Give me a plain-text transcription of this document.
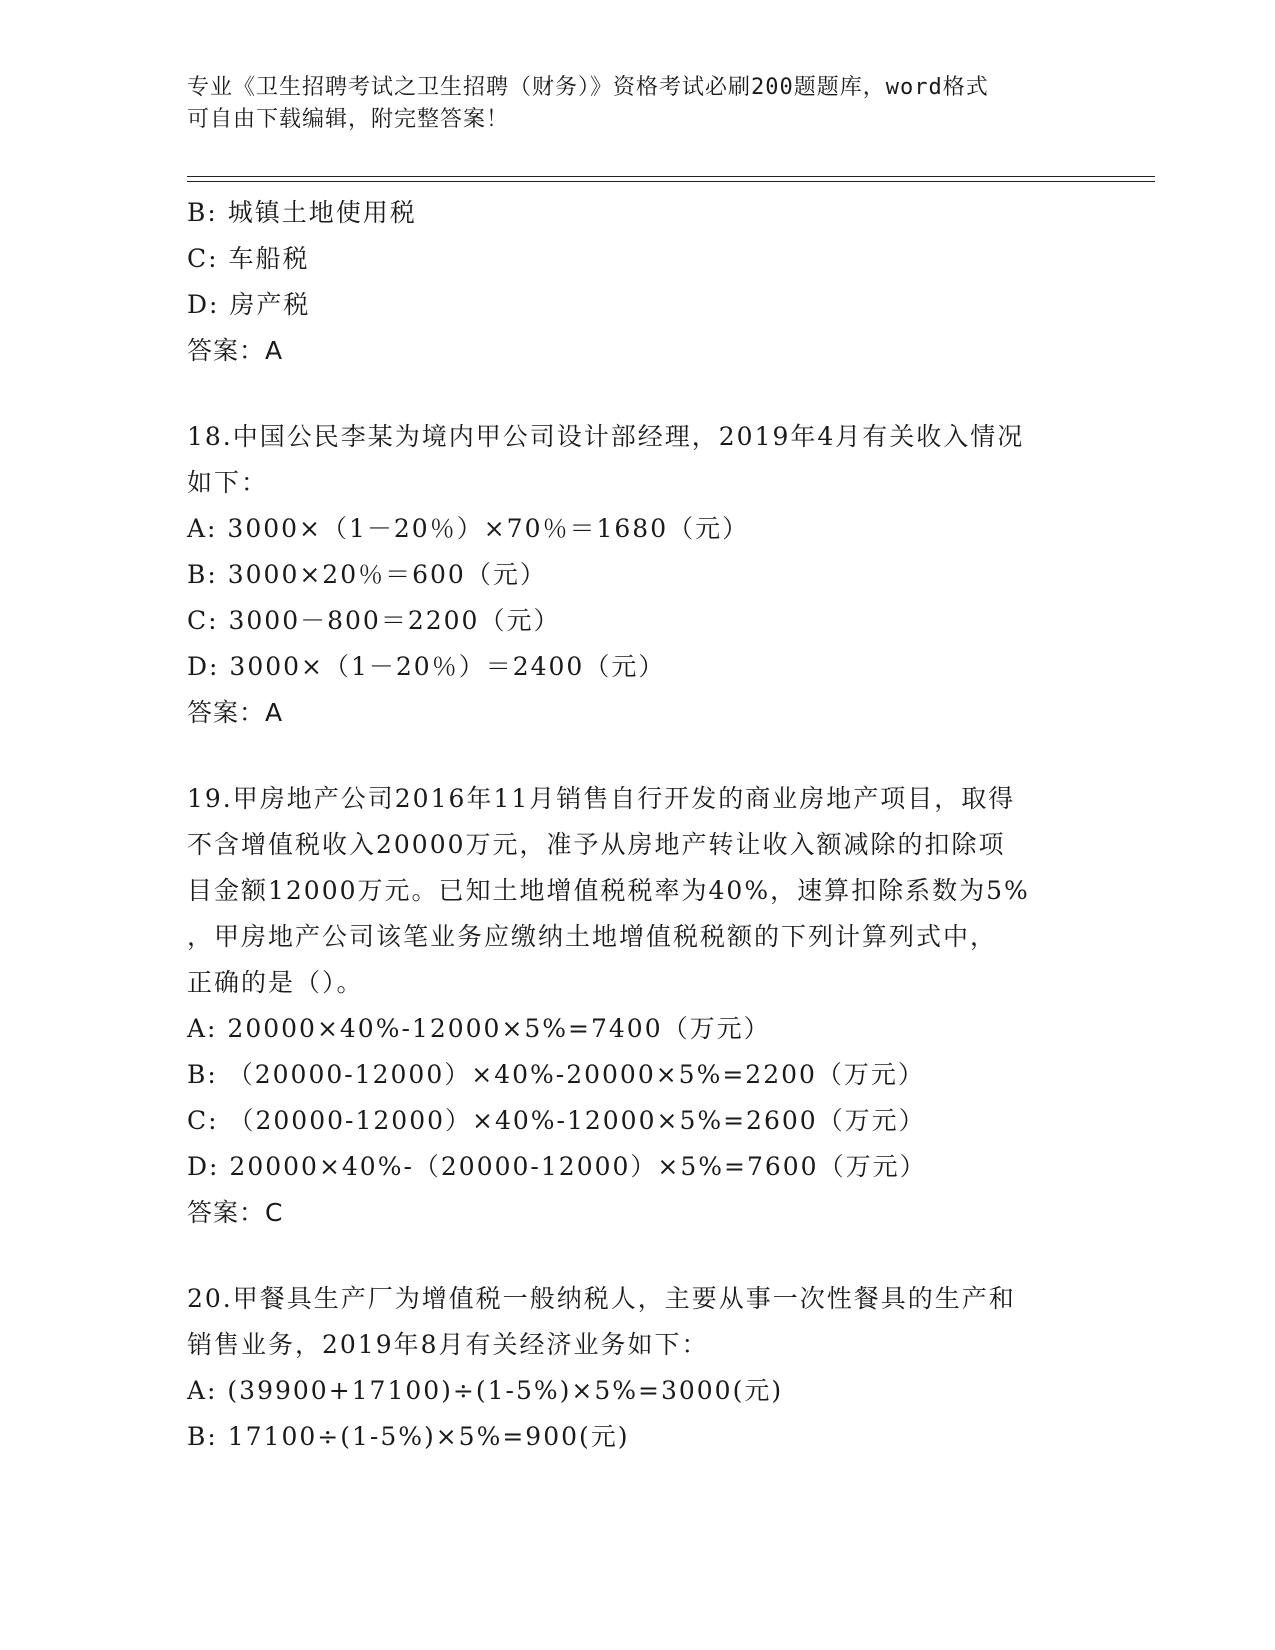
专业《卫生招聘考试之卫生招聘（财务）》资格考试必刷200题题库，word格式
可自由下载编辑，附完整答案！
B: 城镇土地使用税
C: 车船税
D: 房产税
答案：A
18.中国公民李某为境内甲公司设计部经理，2019年4月有关收入情况
如下：
A: 3000×（1－20％）×70％＝1680（元）
B: 3000×20％＝600（元）
C: 3000－800＝2200（元）
D: 3000×（1－20％）＝2400（元）
答案：A
19.甲房地产公司2016年11月销售自行开发的商业房地产项目，取得
不含增值税收入20000万元，准予从房地产转让收入额减除的扣除项
目金额12000万元。已知土地增值税税率为40%，速算扣除系数为5%
，甲房地产公司该笔业务应缴纳土地增值税税额的下列计算列式中，
正确的是（）。
A: 20000×40%-12000×5%=7400（万元）
B: （20000-12000）×40%-20000×5%=2200（万元）
C: （20000-12000）×40%-12000×5%=2600（万元）
D: 20000×40%-（20000-12000）×5%=7600（万元）
答案：C
20.甲餐具生产厂为增值税一般纳税人，主要从事一次性餐具的生产和
销售业务，2019年8月有关经济业务如下：
A: (39900+17100)÷(1-5%)×5%=3000(元)
B: 17100÷(1-5%)×5%=900(元)
